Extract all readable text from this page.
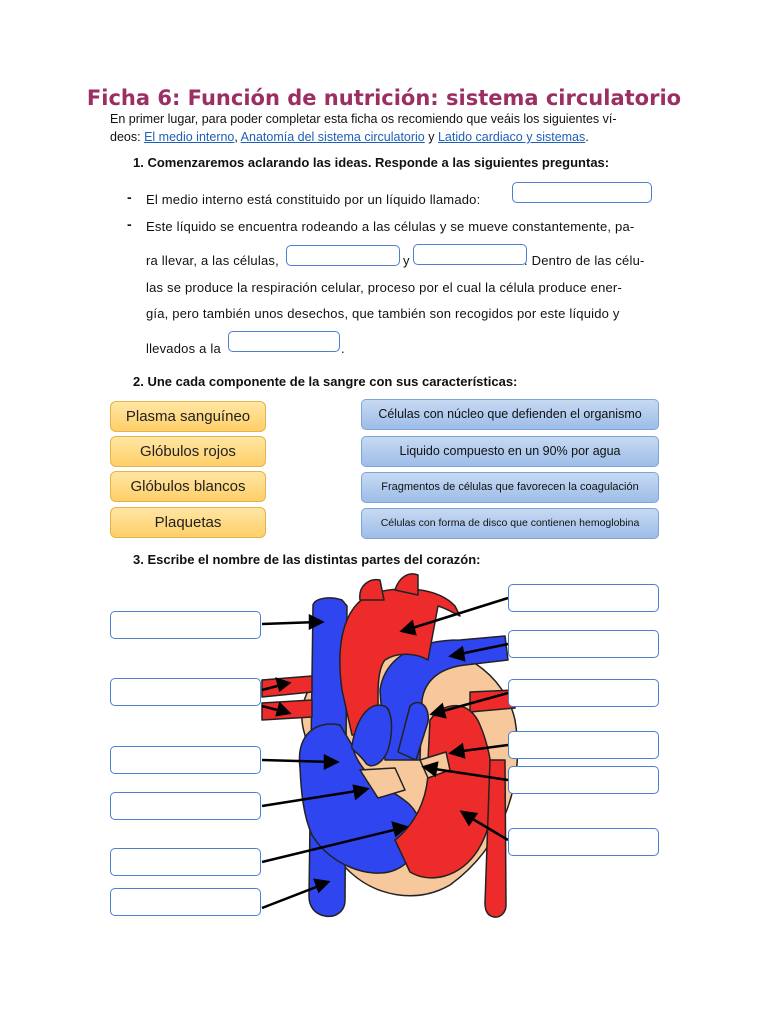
Ficha 6: Función de nutrición: sistema circulatorio
En primer lugar, para poder completar esta ficha os recomiendo que veáis los siguientes ví-
deos: El medio interno, Anatomía del sistema circulatorio y Latido cardiaco y sistemas.
1. Comenzaremos aclarando las ideas. Responde a las siguientes preguntas:
- El medio interno está constituido por un líquido llamado:
- Este líquido se encuentra rodeando a las células y se mueve constantemente, pa-
ra llevar, a las células,	y	. Dentro de las célu-
las se produce la respiración celular, proceso por el cual la célula produce ener-
gía, pero también unos desechos, que también son recogidos por este líquido y
llevados a la	.
2. Une cada componente de la sangre con sus características:
Plasma sanguíneo
Glóbulos rojos
Glóbulos blancos
Plaquetas
Células con núcleo que defienden el organismo
Liquido compuesto en un 90% por agua
Fragmentos de células que favorecen la coagulación
Células con forma de disco que contienen hemoglobina
3. Escribe el nombre de las distintas partes del corazón:
